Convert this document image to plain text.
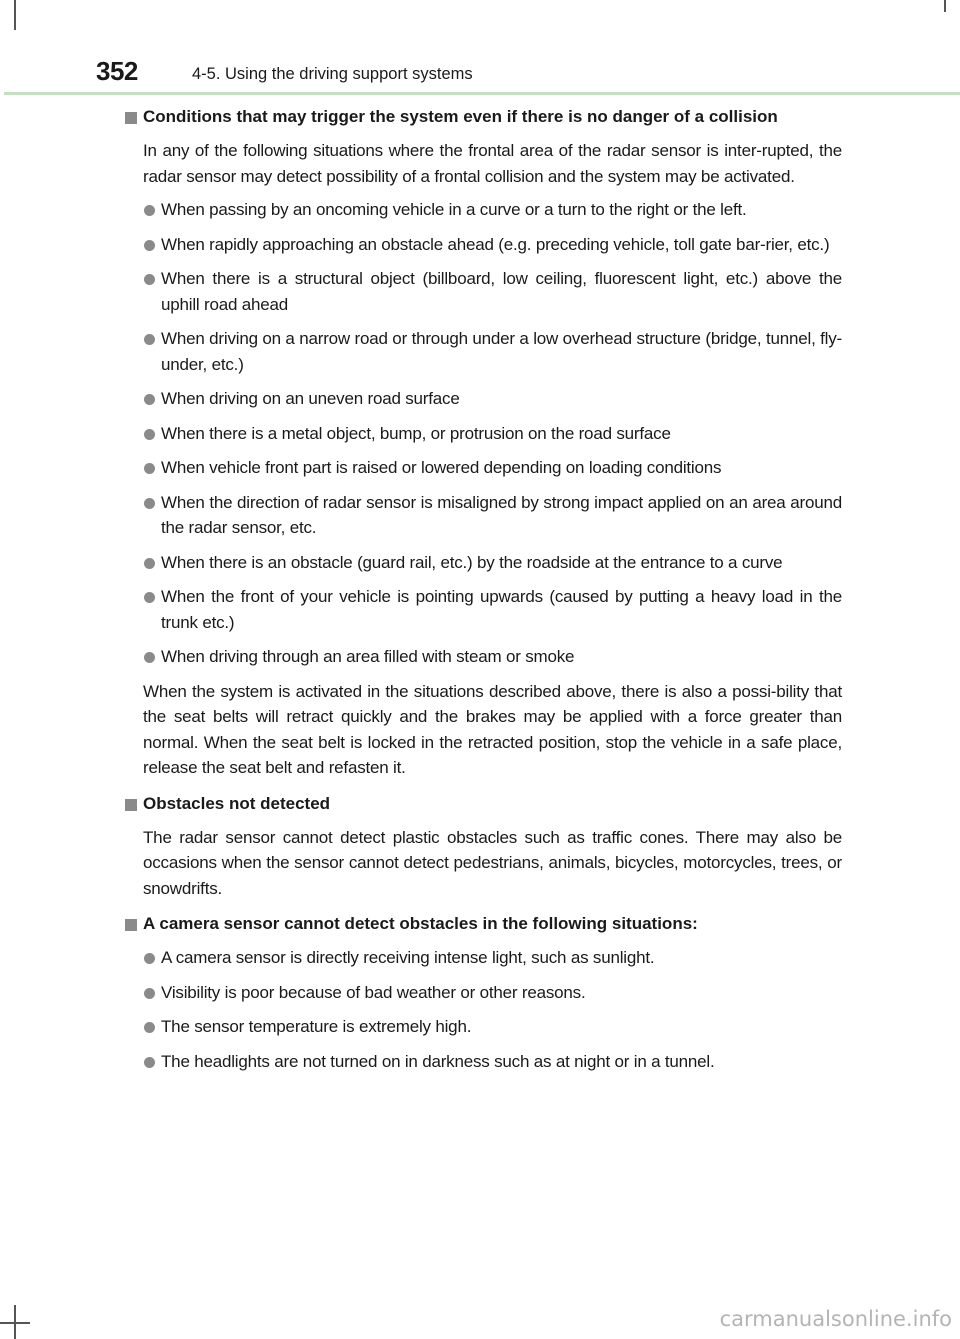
352	4-5. Using the driving support systems
Conditions that may trigger the system even if there is no danger of a collision
In any of the following situations where the frontal area of the radar sensor is inter-rupted, the radar sensor may detect possibility of a frontal collision and the system may be activated.
When passing by an oncoming vehicle in a curve or a turn to the right or the left.
When rapidly approaching an obstacle ahead (e.g. preceding vehicle, toll gate bar-rier, etc.)
When there is a structural object (billboard, low ceiling, fluorescent light, etc.) above the uphill road ahead
When driving on a narrow road or through under a low overhead structure (bridge, tunnel, fly-under, etc.)
When driving on an uneven road surface
When there is a metal object, bump, or protrusion on the road surface
When vehicle front part is raised or lowered depending on loading conditions
When the direction of radar sensor is misaligned by strong impact applied on an area around the radar sensor, etc.
When there is an obstacle (guard rail, etc.) by the roadside at the entrance to a curve
When the front of your vehicle is pointing upwards (caused by putting a heavy load in the trunk etc.)
When driving through an area filled with steam or smoke
When the system is activated in the situations described above, there is also a possi-bility that the seat belts will retract quickly and the brakes may be applied with a force greater than normal. When the seat belt is locked in the retracted position, stop the vehicle in a safe place, release the seat belt and refasten it.
Obstacles not detected
The radar sensor cannot detect plastic obstacles such as traffic cones. There may also be occasions when the sensor cannot detect pedestrians, animals, bicycles, motorcycles, trees, or snowdrifts.
A camera sensor cannot detect obstacles in the following situations:
A camera sensor is directly receiving intense light, such as sunlight.
Visibility is poor because of bad weather or other reasons.
The sensor temperature is extremely high.
The headlights are not turned on in darkness such as at night or in a tunnel.
carmanualsonline.info
